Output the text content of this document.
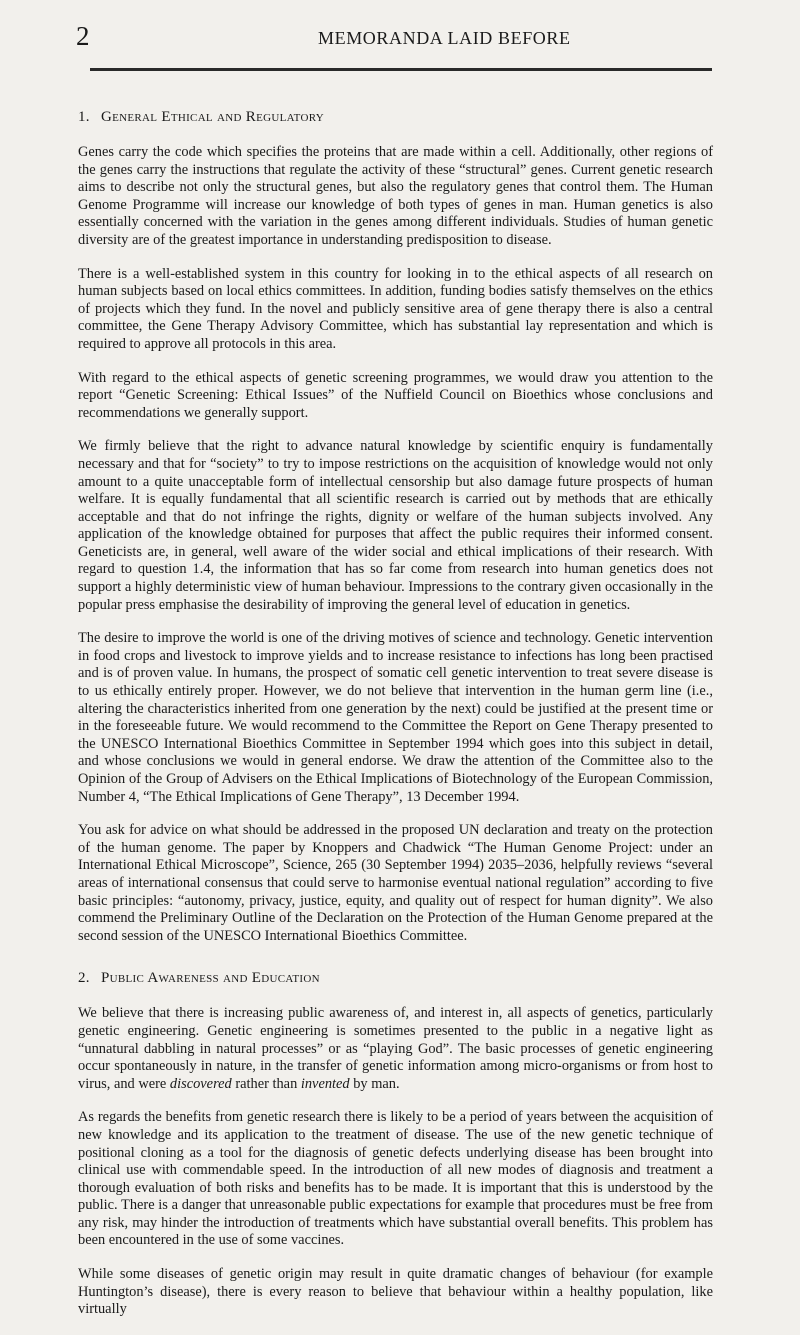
2	MEMORANDA LAID BEFORE
1. General Ethical and Regulatory

Genes carry the code which specifies the proteins that are made within a cell. Additionally, other regions of the genes carry the instructions that regulate the activity of these “structural” genes. Current genetic research aims to describe not only the structural genes, but also the regulatory genes that control them. The Human Genome Programme will increase our knowledge of both types of genes in man. Human genetics is also essentially concerned with the variation in the genes among different individuals. Studies of human genetic diversity are of the greatest importance in understanding predisposition to disease.

There is a well-established system in this country for looking in to the ethical aspects of all research on human subjects based on local ethics committees. In addition, funding bodies satisfy themselves on the ethics of projects which they fund. In the novel and publicly sensitive area of gene therapy there is also a central committee, the Gene Therapy Advisory Committee, which has substantial lay representation and which is required to approve all protocols in this area.

With regard to the ethical aspects of genetic screening programmes, we would draw you attention to the report “Genetic Screening: Ethical Issues” of the Nuffield Council on Bioethics whose conclusions and recommendations we generally support.

We firmly believe that the right to advance natural knowledge by scientific enquiry is fundamentally necessary and that for “society” to try to impose restrictions on the acquisition of knowledge would not only amount to a quite unacceptable form of intellectual censorship but also damage future prospects of human welfare. It is equally fundamental that all scientific research is carried out by methods that are ethically acceptable and that do not infringe the rights, dignity or welfare of the human subjects involved. Any application of the knowledge obtained for purposes that affect the public requires their informed consent. Geneticists are, in general, well aware of the wider social and ethical implications of their research. With regard to question 1.4, the information that has so far come from research into human genetics does not support a highly deterministic view of human behaviour. Impressions to the contrary given occasionally in the popular press emphasise the desirability of improving the general level of education in genetics.

The desire to improve the world is one of the driving motives of science and technology. Genetic intervention in food crops and livestock to improve yields and to increase resistance to infections has long been practised and is of proven value. In humans, the prospect of somatic cell genetic intervention to treat severe disease is to us ethically entirely proper. However, we do not believe that intervention in the human germ line (i.e., altering the characteristics inherited from one generation by the next) could be justified at the present time or in the foreseeable future. We would recommend to the Committee the Report on Gene Therapy presented to the UNESCO International Bioethics Committee in September 1994 which goes into this subject in detail, and whose conclusions we would in general endorse. We draw the attention of the Committee also to the Opinion of the Group of Advisers on the Ethical Implications of Biotechnology of the European Commission, Number 4, “The Ethical Implications of Gene Therapy”, 13 December 1994.

You ask for advice on what should be addressed in the proposed UN declaration and treaty on the protection of the human genome. The paper by Knoppers and Chadwick “The Human Genome Project: under an International Ethical Microscope”, Science, 265 (30 September 1994) 2035–2036, helpfully reviews “several areas of international consensus that could serve to harmonise eventual national regulation” according to five basic principles: “autonomy, privacy, justice, equity, and quality out of respect for human dignity”. We also commend the Preliminary Outline of the Declaration on the Protection of the Human Genome prepared at the second session of the UNESCO International Bioethics Committee.

2. Public Awareness and Education

We believe that there is increasing public awareness of, and interest in, all aspects of genetics, particularly genetic engineering. Genetic engineering is sometimes presented to the public in a negative light as “unnatural dabbling in natural processes” or as “playing God”. The basic processes of genetic engineering occur spontaneously in nature, in the transfer of genetic information among micro-organisms or from host to virus, and were discovered rather than invented by man.

As regards the benefits from genetic research there is likely to be a period of years between the acquisition of new knowledge and its application to the treatment of disease. The use of the new genetic technique of positional cloning as a tool for the diagnosis of genetic defects underlying disease has been brought into clinical use with commendable speed. In the introduction of all new modes of diagnosis and treatment a thorough evaluation of both risks and benefits has to be made. It is important that this is understood by the public. There is a danger that unreasonable public expectations for example that procedures must be free from any risk, may hinder the introduction of treatments which have substantial overall benefits. This problem has been encountered in the use of some vaccines.

While some diseases of genetic origin may result in quite dramatic changes of behaviour (for example Huntington’s disease), there is every reason to believe that behaviour within a healthy population, like virtually
